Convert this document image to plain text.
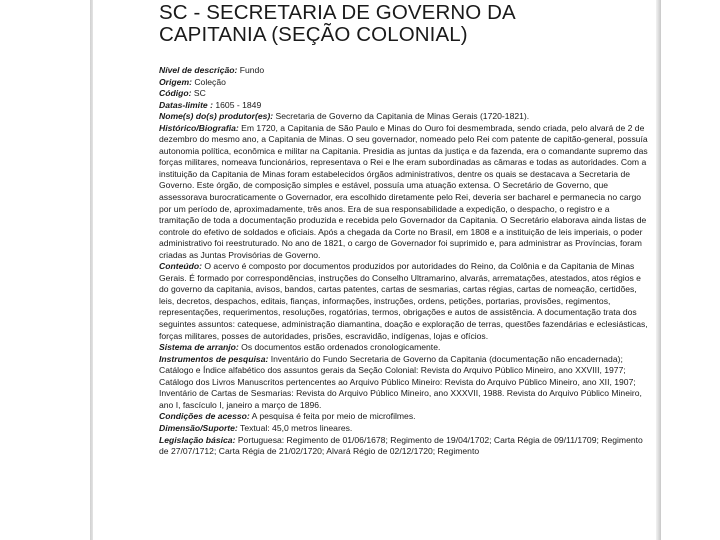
SC - SECRETARIA DE GOVERNO DA
CAPITANIA (SEÇÃO COLONIAL)

Nível de descrição: Fundo

Origem: Coleção

Código: SC

Datas-limite : 1605 - 1849

Nome(s) do(s) produtor(es): Secretaria de Governo da Capitania de Minas Gerais (1720-1821).

Histórico/Biografia: Em 1720, a Capitania de São Paulo e Minas do Ouro foi desmembrada, sendo criada, pelo alvará de 2 de dezembro do mesmo ano, a Capitania de Minas. O seu governador, nomeado pelo Rei com patente de capitão-general, possuía autonomia política, econômica e militar na Capitania. Presidia as juntas da justiça e da fazenda, era o comandante supremo das forças militares, nomeava funcionários, representava o Rei e lhe eram subordinadas as câmaras e todas as autoridades. Com a instituição da Capitania de Minas foram estabelecidos órgãos administrativos, dentre os quais se destacava a Secretaria de Governo. Este órgão, de composição simples e estável, possuía uma atuação extensa. O Secretário de Governo, que assessorava burocraticamente o Governador, era escolhido diretamente pelo Rei, deveria ser bacharel e permanecia no cargo por um período de, aproximadamente, três anos. Era de sua responsabilidade a expedição, o despacho, o registro e a tramitação de toda a documentação produzida e recebida pelo Governador da Capitania. O Secretário elaborava ainda listas de controle do efetivo de soldados e oficiais. Após a chegada da Corte no Brasil, em 1808 e a instituição de leis imperiais, o poder administrativo foi reestruturado. No ano de 1821, o cargo de Governador foi suprimido e, para administrar as Províncias, foram criadas as Juntas Provisórias de Governo.

Conteúdo: O acervo é composto por documentos produzidos por autoridades do Reino, da Colônia e da Capitania de Minas Gerais. É formado por correspondências, instruções do Conselho Ultramarino, alvarás, arrematações, atestados, atos régios e do governo da capitania, avisos, bandos, cartas patentes, cartas de sesmarias, cartas régias, cartas de nomeação, certidões, leis, decretos, despachos, editais, fianças, informações, instruções, ordens, petições, portarias, provisões, regimentos, representações, requerimentos, resoluções, rogatórias, termos, obrigações e autos de assistência. A documentação trata dos seguintes assuntos: catequese, administração diamantina, doação e exploração de terras, questões fazendárias e eclesiásticas, forças militares, posses de autoridades, prisões, escravidão, indígenas, lojas e ofícios.

Sistema de arranjo: Os documentos estão ordenados cronologicamente.

Instrumentos de pesquisa: Inventário do Fundo Secretaria de Governo da Capitania (documentação não encadernada); Catálogo e Índice alfabético dos assuntos gerais da Seção Colonial: Revista do Arquivo Público Mineiro, ano XXVIII, 1977; Catálogo dos Livros Manuscritos pertencentes ao Arquivo Público Mineiro: Revista do Arquivo Público Mineiro, ano XII, 1907; Inventário de Cartas de Sesmarias: Revista do Arquivo Público Mineiro, ano XXXVII, 1988. Revista do Arquivo Público Mineiro, ano I, fascículo I, janeiro a março de 1896.

Condições de acesso: A pesquisa é feita por meio de microfilmes.

Dimensão/Suporte: Textual: 45,0 metros lineares.

Legislação básica: Portuguesa: Regimento de 01/06/1678; Regimento de 19/04/1702; Carta Régia de 09/11/1709; Regimento de 27/07/1712; Carta Régia de 21/02/1720; Alvará Régio de 02/12/1720; Regimento
